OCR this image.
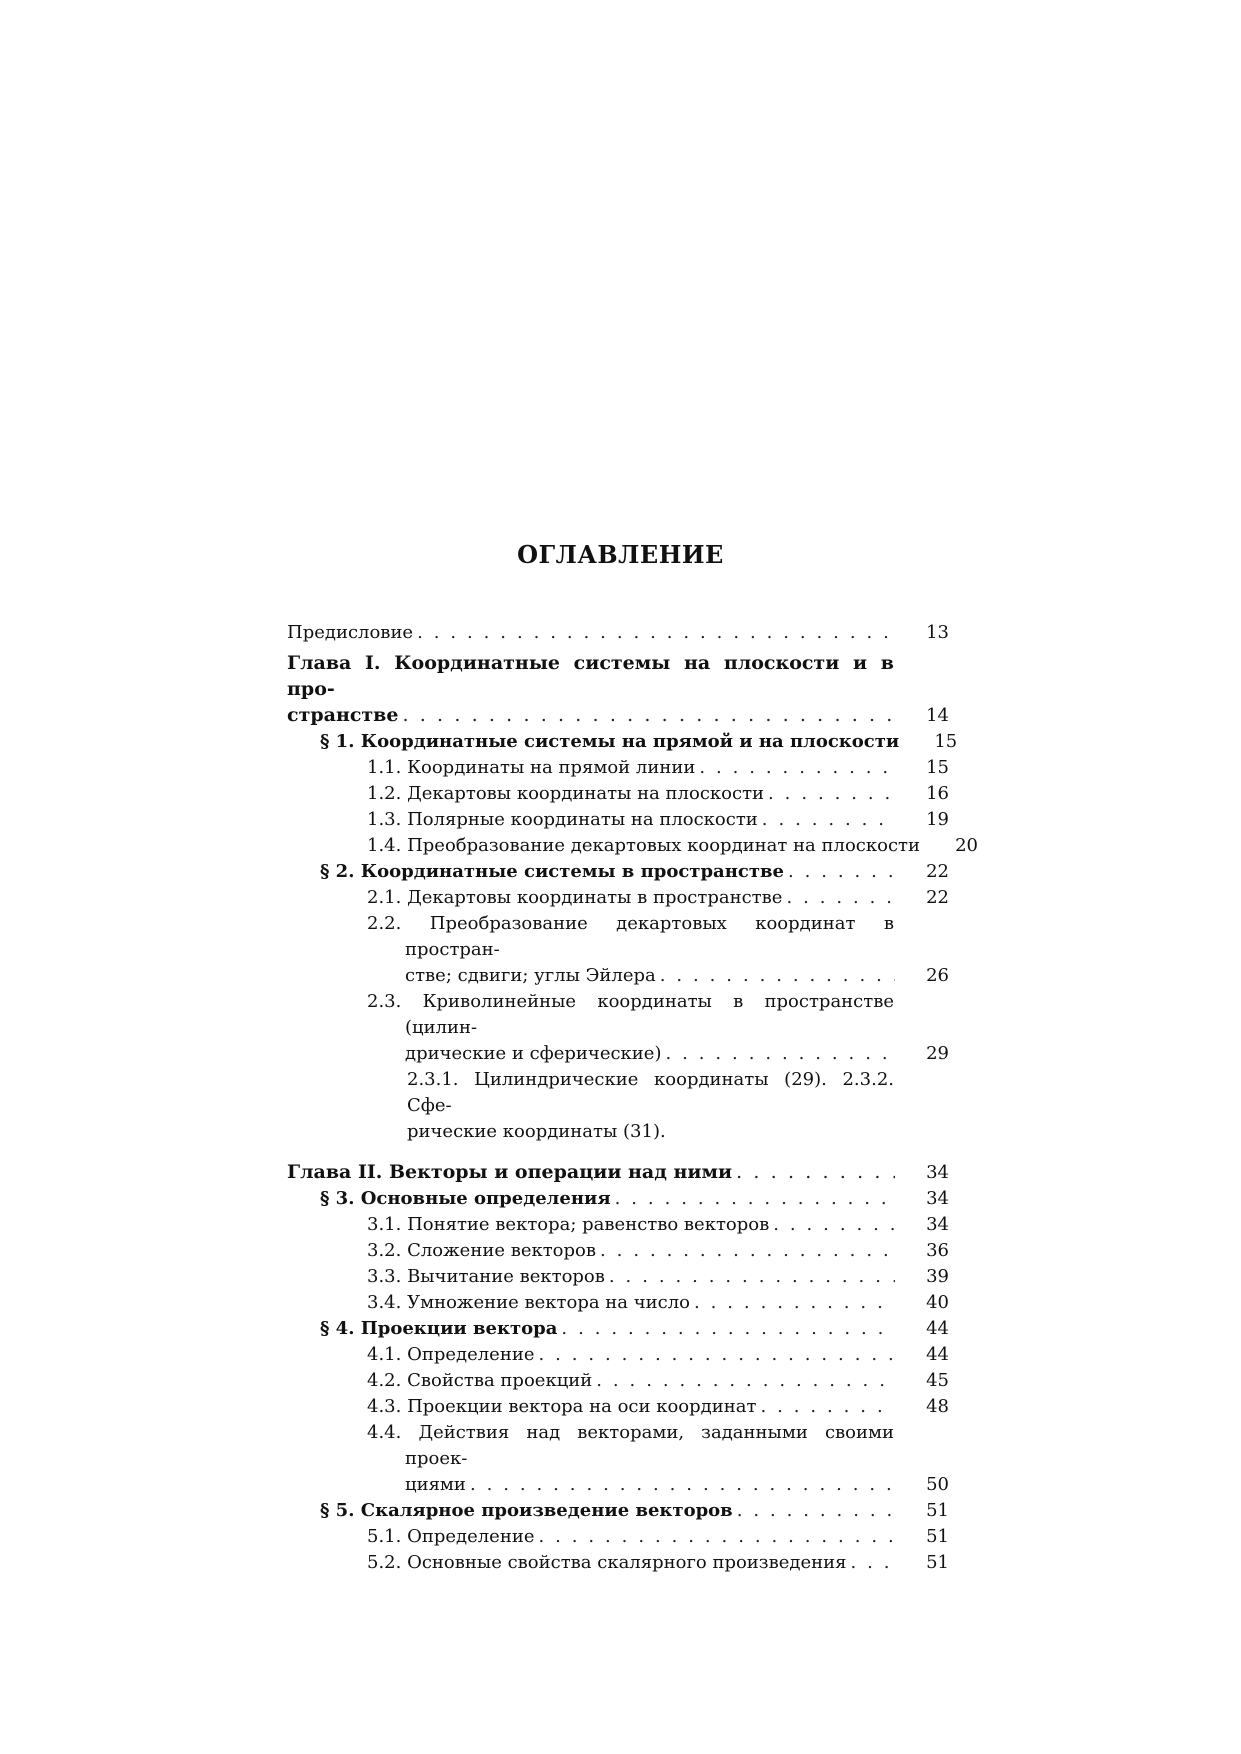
ОГЛАВЛЕНИЕ
Предисловие . . .	13
Глава I. Координатные системы на плоскости и в про-
странстве . . .	14
§ 1. Координатные системы на прямой и на плоскости	15
1.1. Координаты на прямой линии . . .	15
1.2. Декартовы координаты на плоскости . . .	16
1.3. Полярные координаты на плоскости . . .	19
1.4. Преобразование декартовых координат на плоскости	20
§ 2. Координатные системы в пространстве . . .	22
2.1. Декартовы координаты в пространстве . . .	22
2.2. Преобразование декартовых координат в простран-
стве; сдвиги; углы Эйлера . . .	26
2.3. Криволинейные координаты в пространстве (цилин-
дрические и сферические) . . .	29
2.3.1. Цилиндрические координаты (29). 2.3.2. Сфе-
рические координаты (31).
Глава II. Векторы и операции над ними . . .	34
§ 3. Основные определения . . .	34
3.1. Понятие вектора; равенство векторов . . .	34
3.2. Сложение векторов . . .	36
3.3. Вычитание векторов . . .	39
3.4. Умножение вектора на число . . .	40
§ 4. Проекции вектора . . .	44
4.1. Определение . . .	44
4.2. Свойства проекций . . .	45
4.3. Проекции вектора на оси координат . . .	48
4.4. Действия над векторами, заданными своими проек-
циями . . .	50
§ 5. Скалярное произведение векторов . . .	51
5.1. Определение . . .	51
5.2. Основные свойства скалярного произведения . . .	51
